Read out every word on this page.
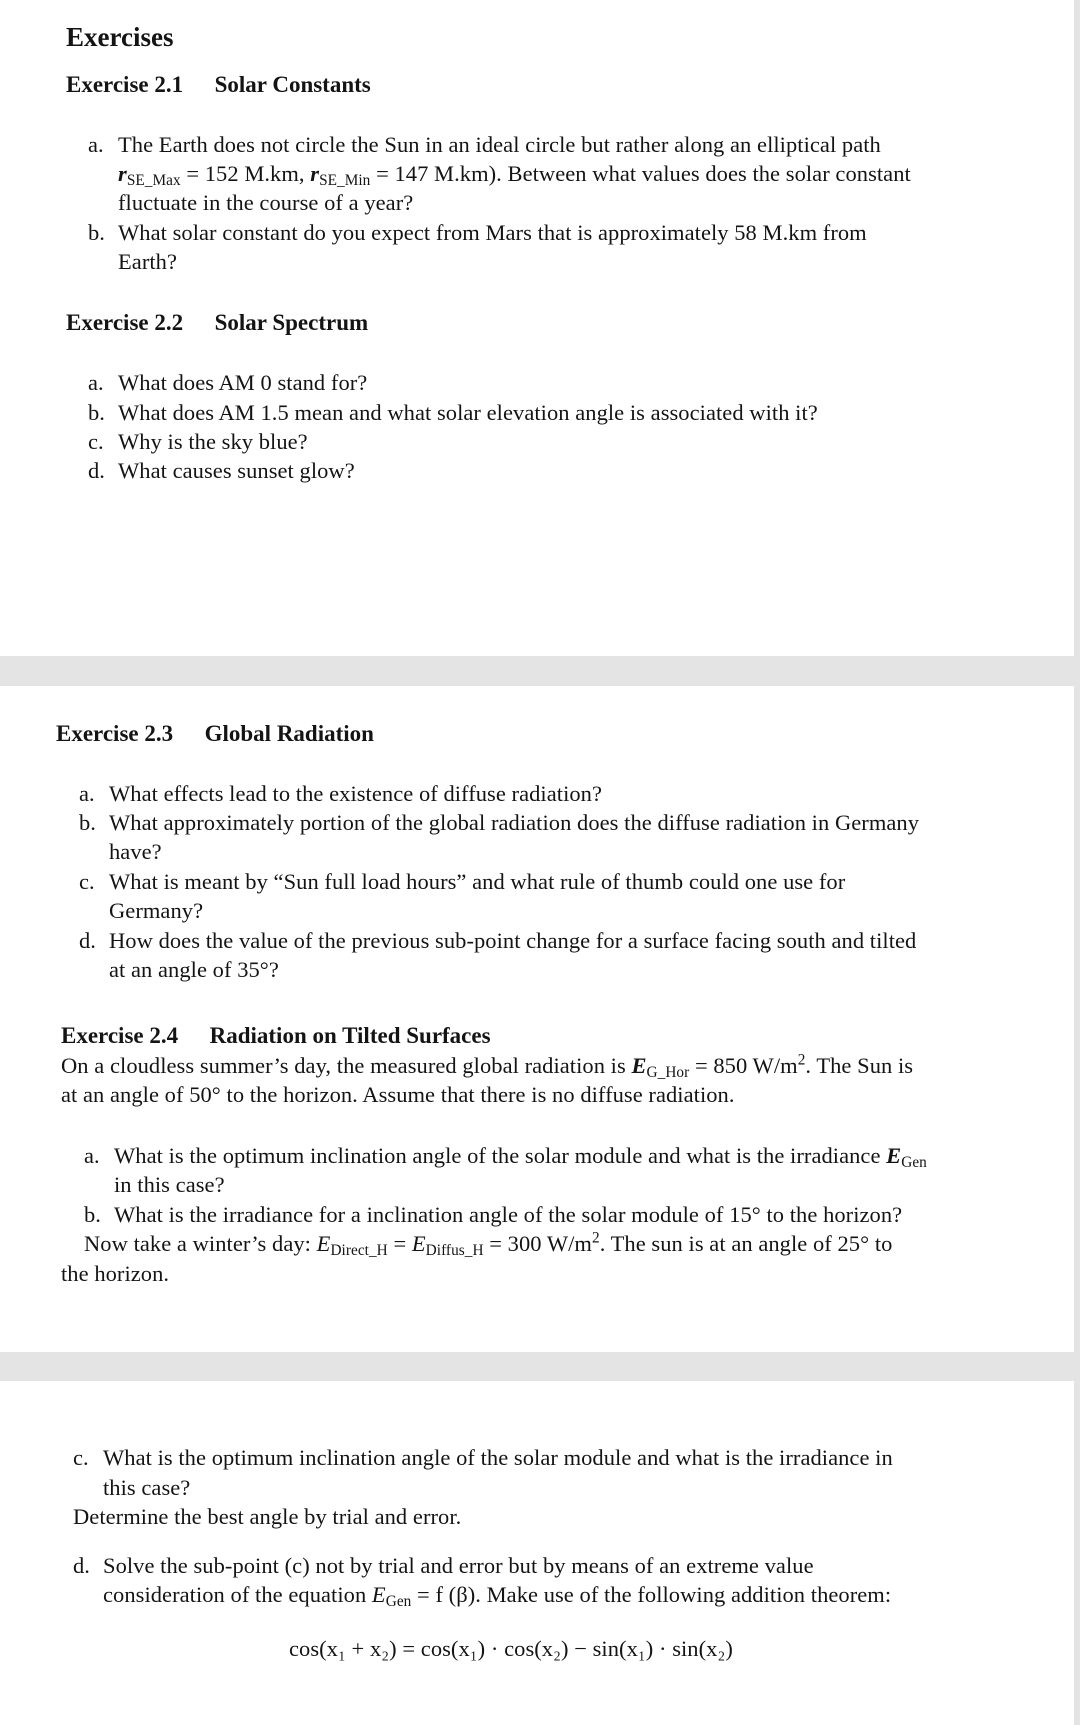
Exercises
Exercise 2.1 Solar Constants
a. The Earth does not circle the Sun in an ideal circle but rather along an elliptical path
$r_{SE\_Max} = 152$ M.km, $r_{SE\_Min} = 147$ M.km). Between what values does the solar constant
fluctuate in the course of a year?
b. What solar constant do you expect from Mars that is approximately 58 M.km from
Earth?
Exercise 2.2 Solar Spectrum
a. What does AM 0 stand for?
b. What does AM 1.5 mean and what solar elevation angle is associated with it?
c. Why is the sky blue?
d. What causes sunset glow?
Exercise 2.3 Global Radiation
a. What effects lead to the existence of diffuse radiation?
b. What approximately portion of the global radiation does the diffuse radiation in Germany
have?
c. What is meant by “Sun full load hours” and what rule of thumb could one use for
Germany?
d. How does the value of the previous sub-point change for a surface facing south and tilted
at an angle of 35°?
Exercise 2.4 Radiation on Tilted Surfaces
On a cloudless summer’s day, the measured global radiation is $E_{G\_Hor} = 850$ $W/m^2$. The Sun is
at an angle of 50° to the horizon. Assume that there is no diffuse radiation.
a. What is the optimum inclination angle of the solar module and what is the irradiance $E_{Gen}$
in this case?
b. What is the irradiance for a inclination angle of the solar module of 15° to the horizon?
Now take a winter’s day: $E_{Direct\_H} = E_{Diffus\_H} = 300$ $W/m^2$. The sun is at an angle of 25° to
the horizon.
c. What is the optimum inclination angle of the solar module and what is the irradiance in
this case?
Determine the best angle by trial and error.
d. Solve the sub-point (c) not by trial and error but by means of an extreme value
consideration of the equation $E_{Gen} = f$ (β). Make use of the following addition theorem:
cos(x₁ + x₂) = cos(x₁) · cos(x₂) − sin(x₁) · sin(x₂)
